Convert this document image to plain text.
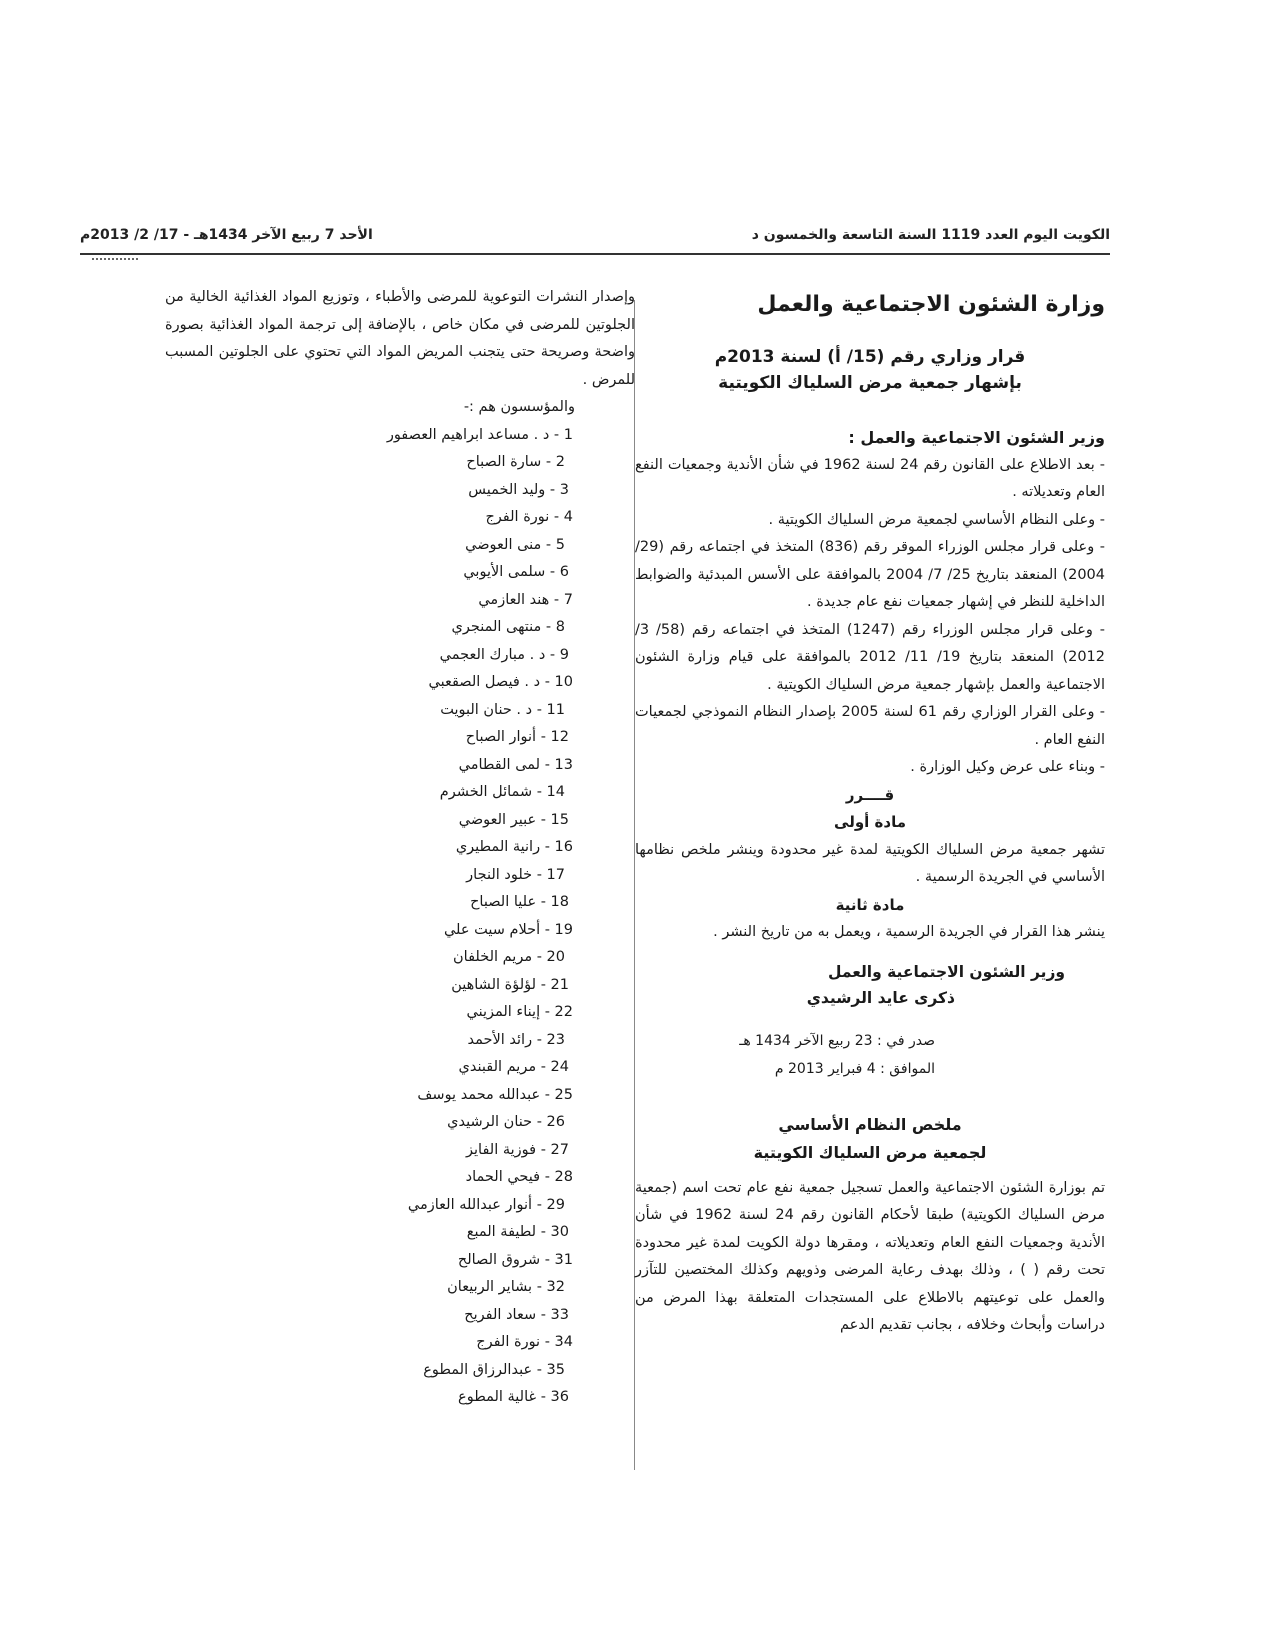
الكويت اليوم العدد 1119 السنة التاسعة والخمسون د
الأحد 7 ربيع الآخر 1434هـ - 17/ 2/ 2013م
وزارة الشئون الاجتماعية والعمل
قرار وزاري رقم (15/ أ) لسنة 2013م
بإشهار جمعية مرض السلياك الكويتية
وزير الشئون الاجتماعية والعمل :

- بعد الاطلاع على القانون رقم 24 لسنة 1962 في شأن الأندية وجمعيات النفع العام وتعديلاته .

- وعلى النظام الأساسي لجمعية مرض السلياك الكويتية .

- وعلى قرار مجلس الوزراء الموقر رقم (836) المتخذ في اجتماعه رقم (29/ 2004) المنعقد بتاريخ 25/ 7/ 2004 بالموافقة على الأسس المبدئية والضوابط الداخلية للنظر في إشهار جمعيات نفع عام جديدة .

- وعلى قرار مجلس الوزراء رقم (1247) المتخذ في اجتماعه رقم (58/ 3/ 2012) المنعقد بتاريخ 19/ 11/ 2012 بالموافقة على قيام وزارة الشئون الاجتماعية والعمل بإشهار جمعية مرض السلياك الكويتية .

- وعلى القرار الوزاري رقم 61 لسنة 2005 بإصدار النظام النموذجي لجمعيات النفع العام .

- وبناء على عرض وكيل الوزارة .

قــــرر
مادة أولى

تشهر جمعية مرض السلياك الكويتية لمدة غير محدودة وينشر ملخص نظامها الأساسي في الجريدة الرسمية .

مادة ثانية

ينشر هذا القرار في الجريدة الرسمية ، ويعمل به من تاريخ النشر .

وزير الشئون الاجتماعية والعمل
ذكرى عايد الرشيدي
صدر في : 23 ربيع الآخر 1434 هـ
الموافق : 4 فبراير 2013 م
ملخص النظام الأساسي
لجمعية مرض السلياك الكويتية

تم بوزارة الشئون الاجتماعية والعمل تسجيل جمعية نفع عام تحت اسم (جمعية مرض السلياك الكويتية) طبقا لأحكام القانون رقم 24 لسنة 1962 في شأن الأندية وجمعيات النفع العام وتعديلاته ، ومقرها دولة الكويت لمدة غير محدودة تحت رقم ( ) ، وذلك بهدف رعاية المرضى وذويهم وكذلك المختصين للتآزر والعمل على توعيتهم بالاطلاع على المستجدات المتعلقة بهذا المرض من دراسات وأبحاث وخلافه ، بجانب تقديم الدعم

وإصدار النشرات التوعوية للمرضى والأطباء ، وتوزيع المواد الغذائية الخالية من الجلوتين للمرضى في مكان خاص ، بالإضافة إلى ترجمة المواد الغذائية بصورة واضحة وصريحة حتى يتجنب المريض المواد التي تحتوي على الجلوتين المسبب للمرض .

والمؤسسون هم :-

1 - د . مساعد ابراهيم العصفور
2 - سارة الصباح
3 - وليد الخميس
4 - نورة الفرج
5 - منى العوضي
6 - سلمى الأيوبي
7 - هند العازمي
8 - منتهى المنجري
9 - د . مبارك العجمي
10 - د . فيصل الصقعبي
11 - د . حنان البويت
12 - أنوار الصباح
13 - لمى القطامي
14 - شمائل الخشرم
15 - عبير العوضي
16 - رانية المطيري
17 - خلود النجار
18 - عليا الصباح
19 - أحلام سيت علي
20 - مريم الخلفان
21 - لؤلؤة الشاهين
22 - إيناء المزيني
23 - رائد الأحمد
24 - مريم القبندي
25 - عبدالله محمد يوسف
26 - حنان الرشيدي
27 - فوزية الفايز
28 - فيحي الحماد
29 - أنوار عبدالله العازمي
30 - لطيفة المبع
31 - شروق الصالح
32 - بشاير الربيعان
33 - سعاد الفريح
34 - نورة الفرج
35 - عبدالرزاق المطوع
36 - غالية المطوع
